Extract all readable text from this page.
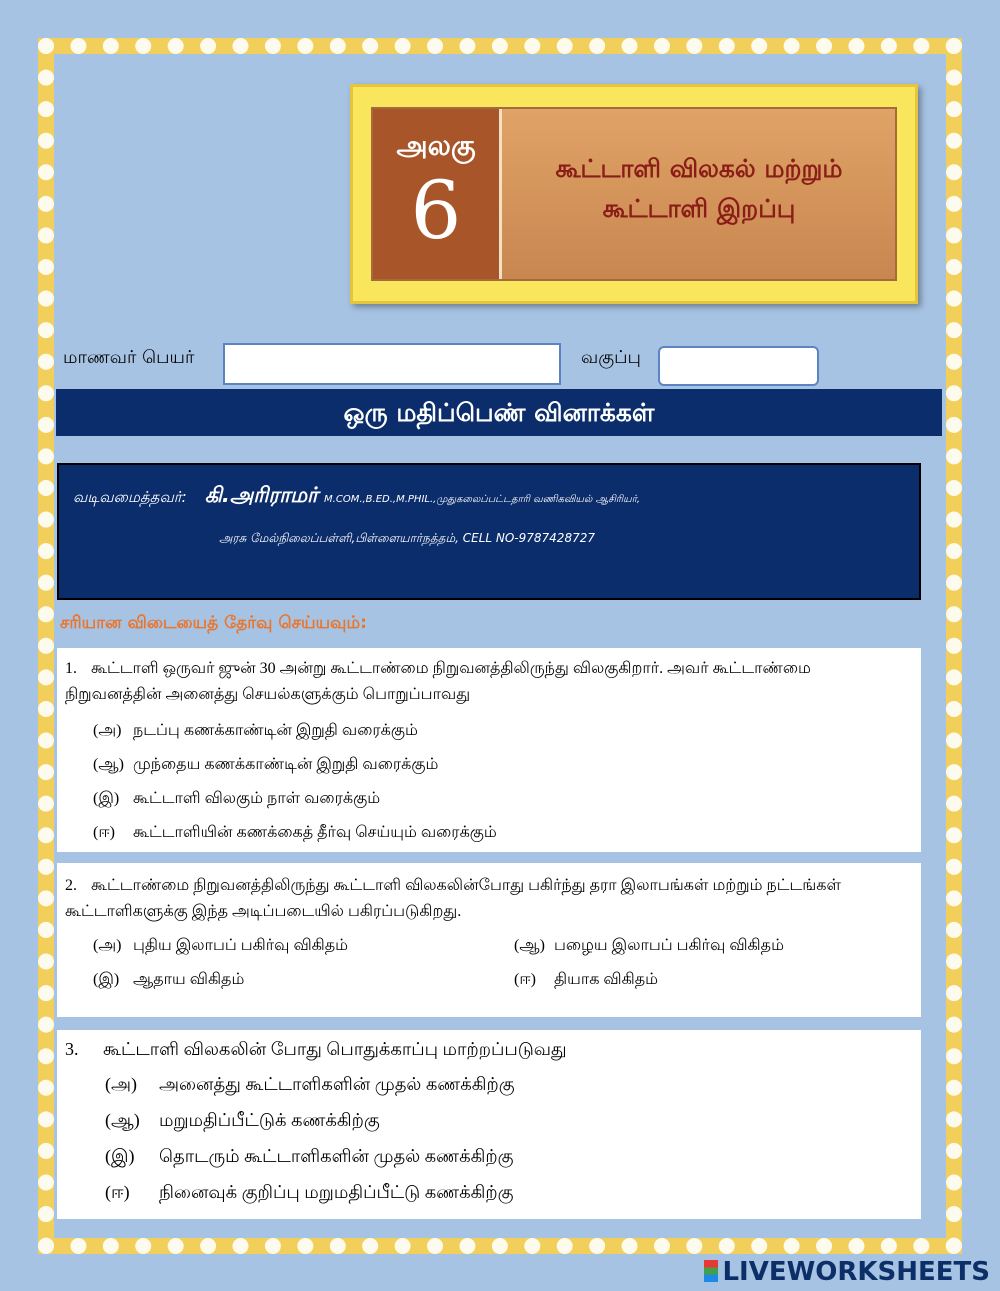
அலகு
6	கூட்டாளி விலகல் மற்றும்
கூட்டாளி இறப்பு
மாணவர் பெயர்	வகுப்பு
ஒரு மதிப்பெண் வினாக்கள்
வடிவமைத்தவர்: கி.அரிராமர் M.COM.,B.ED.,M.PHIL.,முதுகலைப்பட்டதாரி வணிகவியல் ஆசிரியர்,
அரசு மேல்நிலைப்பள்ளி,பிள்ளையார்நத்தம், CELL NO-9787428727
சரியான விடையைத் தேர்வு செய்யவும்:
1. கூட்டாளி ஒருவர் ஜுன் 30 அன்று கூட்டாண்மை நிறுவனத்திலிருந்து விலகுகிறார். அவர் கூட்டாண்மை நிறுவனத்தின் அனைத்து செயல்களுக்கும் பொறுப்பாவது
(அ) நடப்பு கணக்காண்டின் இறுதி வரைக்கும்
(ஆ) முந்தைய கணக்காண்டின் இறுதி வரைக்கும்
(இ) கூட்டாளி விலகும் நாள் வரைக்கும்
(ஈ) கூட்டாளியின் கணக்கைத் தீர்வு செய்யும் வரைக்கும்
2. கூட்டாண்மை நிறுவனத்திலிருந்து கூட்டாளி விலகலின்போது பகிர்ந்து தரா இலாபங்கள் மற்றும் நட்டங்கள் கூட்டாளிகளுக்கு இந்த அடிப்படையில் பகிரப்படுகிறது.
(அ) புதிய இலாபப் பகிர்வு விகிதம்	(ஆ) பழைய இலாபப் பகிர்வு விகிதம்
(இ) ஆதாய விகிதம்	(ஈ) தியாக விகிதம்
3. கூட்டாளி விலகலின் போது பொதுக்காப்பு மாற்றப்படுவது
(அ) அனைத்து கூட்டாளிகளின் முதல் கணக்கிற்கு
(ஆ) மறுமதிப்பீட்டுக் கணக்கிற்கு
(இ) தொடரும் கூட்டாளிகளின் முதல் கணக்கிற்கு
(ஈ) நினைவுக் குறிப்பு மறுமதிப்பீட்டு கணக்கிற்கு
LIVEWORKSHEETS
